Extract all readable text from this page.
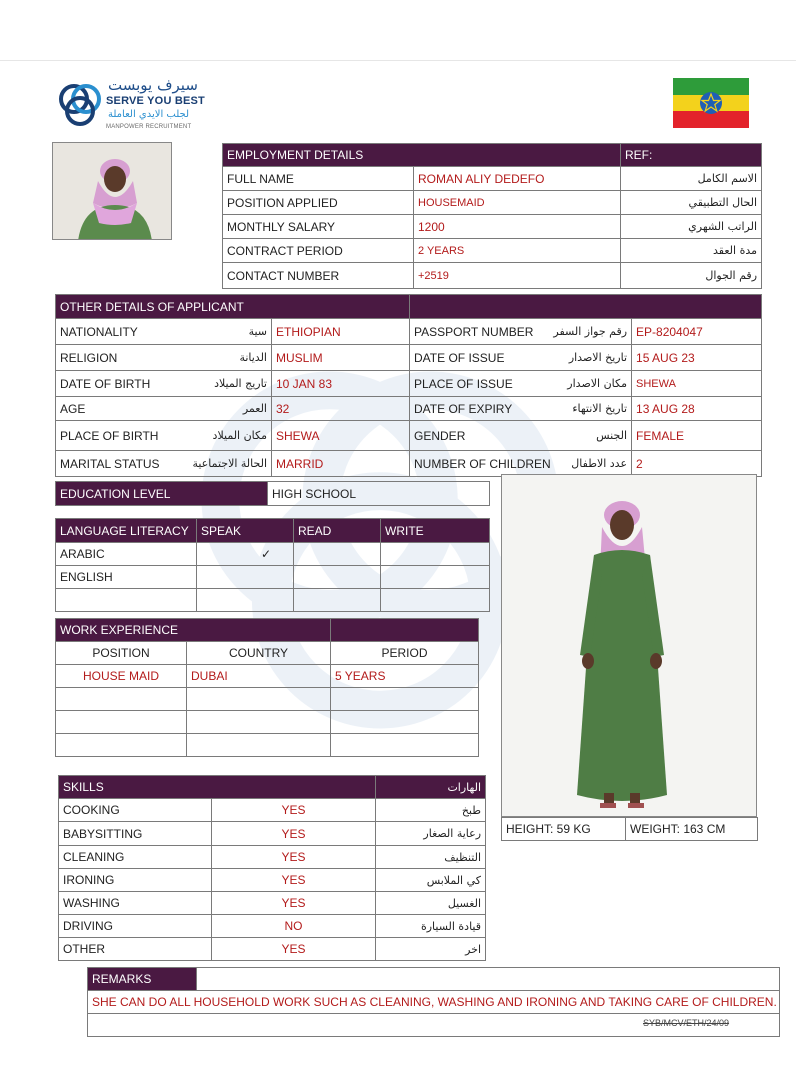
سيرف يوبست
SERVE YOU BEST
لجلب الايدي العاملة
MANPOWER RECRUITMENT
EMPLOYMENT DETAILS		REF:
FULL NAME	ROMAN ALIY DEDEFO	الاسم الكامل
POSITION APPLIED	HOUSEMAID	الحال التطبيقي
MONTHLY SALARY	1200	الراتب الشهري
CONTRACT PERIOD	2 YEARS	مدة العقد
CONTACT NUMBER	+2519	رقم الجوال
OTHER DETAILS OF APPLICANT			

NATIONALITY سية	ETHIOPIAN	PASSPORT NUMBER رقم جواز السفر	EP-8204047

RELIGION الديانة	MUSLIM	DATE OF ISSUE تاريخ الاصدار	15 AUG 23

DATE OF BIRTH تاريج الميلاد	10 JAN 83	PLACE OF ISSUE مكان الاصدار	SHEWA

AGE العمر	32	DATE OF EXPIRY تاريخ الانتهاء	13 AUG 28

PLACE OF BIRTH مكان الميلاد	SHEWA	GENDER الجنس	FEMALE

MARITAL STATUS الحالة الاجتماعية	MARRID	NUMBER OF CHILDREN عدد الاطفال	2
EDUCATION LEVEL	HIGH SCHOOL
LANGUAGE LITERACY	SPEAK	READ	WRITE
ARABIC	✓		
ENGLISH			

WORK EXPERIENCE		
POSITION	COUNTRY	PERIOD
HOUSE MAID	DUBAI	5 YEARS

HEIGHT: 59 KG	WEIGHT: 163 CM
SKILLS		الهارات
COOKING	YES	طبخ
BABYSITTING	YES	رعاية الصغار
CLEANING	YES	التنظيف
IRONING	YES	كي الملابس
WASHING	YES	الغسيل
DRIVING	NO	قيادة السيارة
OTHER	YES	اخر
REMARKS	
SHE CAN DO ALL HOUSEHOLD WORK SUCH AS CLEANING, WASHING AND IRONING AND TAKING CARE OF CHILDREN.

SYB/MCV/ETH/24/09
